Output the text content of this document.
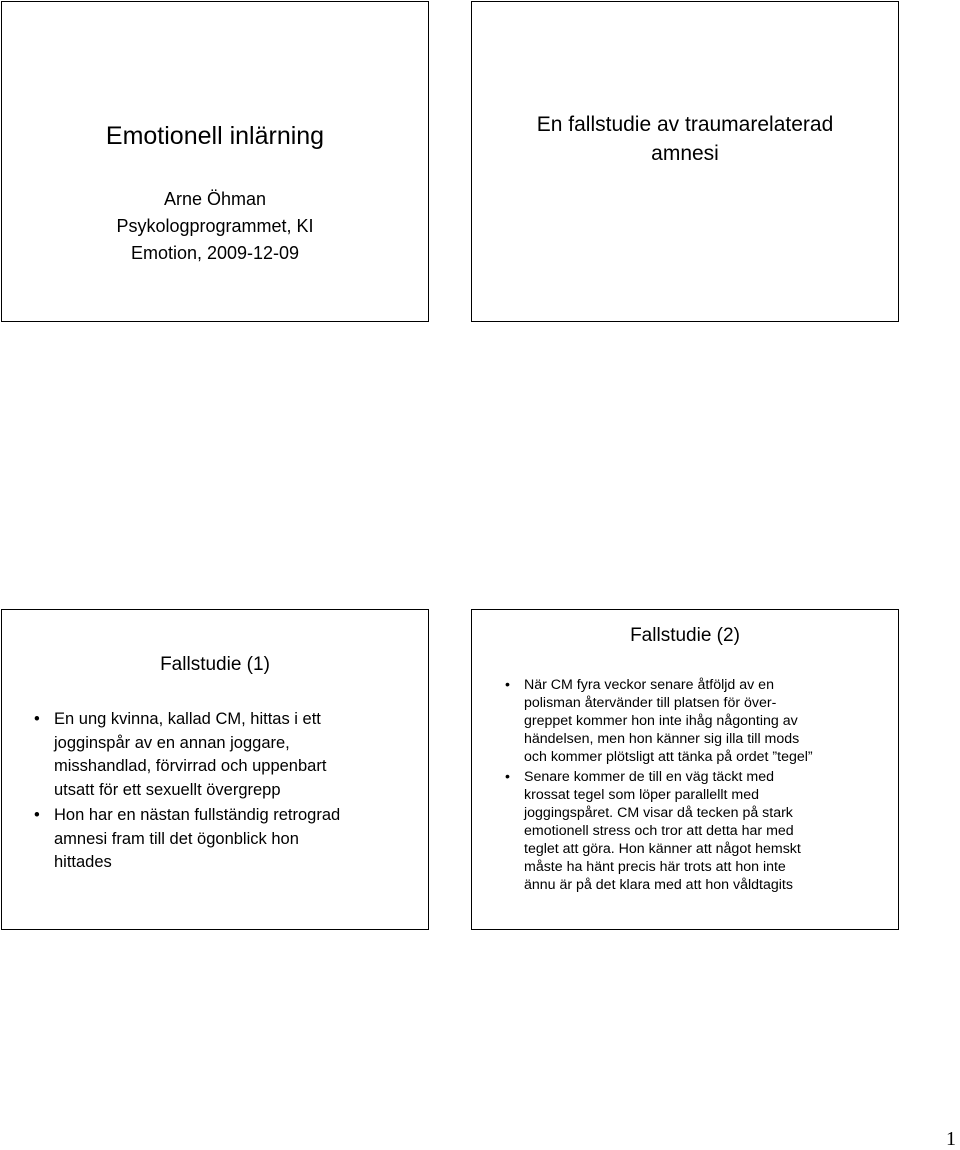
Emotionell inlärning
Arne Öhman
Psykologprogrammet, KI
Emotion, 2009-12-09
En fallstudie av traumarelaterad
amnesi
Fallstudie (1)
• En ung kvinna, kallad CM, hittas i ett
jogginspår av en annan joggare,
misshandlad, förvirrad och uppenbart
utsatt för ett sexuellt övergrepp
• Hon har en nästan fullständig retrograd
amnesi fram till det ögonblick hon
hittades
Fallstudie (2)
• När CM fyra veckor senare åtföljd av en
polisman återvänder till platsen för över-
greppet kommer hon inte ihåg någonting av
händelsen, men hon känner sig illa till mods
och kommer plötsligt att tänka på ordet ”tegel”
• Senare kommer de till en väg täckt med
krossat tegel som löper parallellt med
joggingspåret. CM visar då tecken på stark
emotionell stress och tror att detta har med
teglet att göra. Hon känner att något hemskt
måste ha hänt precis här trots att hon inte
ännu är på det klara med att hon våldtagits
1
